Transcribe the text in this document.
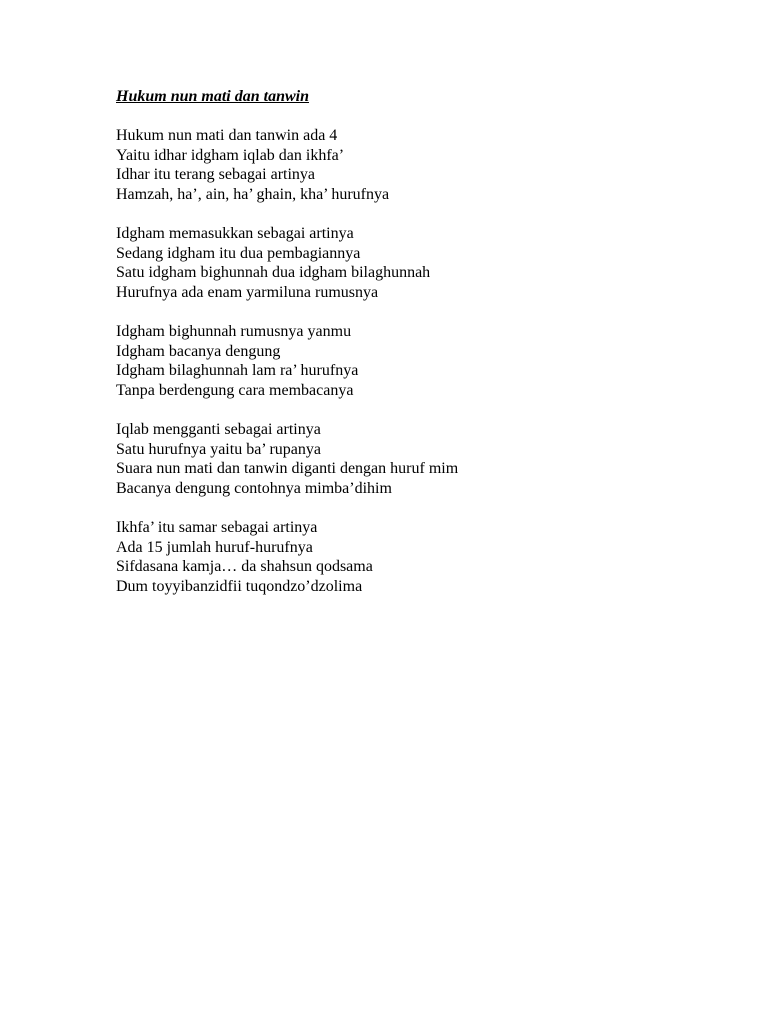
Hukum nun mati dan tanwin
Hukum nun mati dan tanwin ada 4
Yaitu idhar idgham iqlab dan ikhfa’
Idhar itu terang sebagai artinya
Hamzah, ha’, ain, ha’ ghain, kha’ hurufnya
Idgham memasukkan sebagai artinya
Sedang idgham itu dua pembagiannya
Satu idgham bighunnah dua idgham bilaghunnah
Hurufnya ada enam yarmiluna rumusnya
Idgham bighunnah rumusnya yanmu
Idgham bacanya dengung
Idgham bilaghunnah lam ra’ hurufnya
Tanpa berdengung cara membacanya
Iqlab mengganti sebagai artinya
Satu hurufnya yaitu ba’ rupanya
Suara nun mati dan tanwin diganti dengan huruf mim
Bacanya dengung contohnya mimba’dihim
Ikhfa’ itu samar sebagai artinya
Ada 15 jumlah huruf-hurufnya
Sifdasana kamja… da shahsun qodsama
Dum toyyibanzidfii tuqondzo’dzolima
